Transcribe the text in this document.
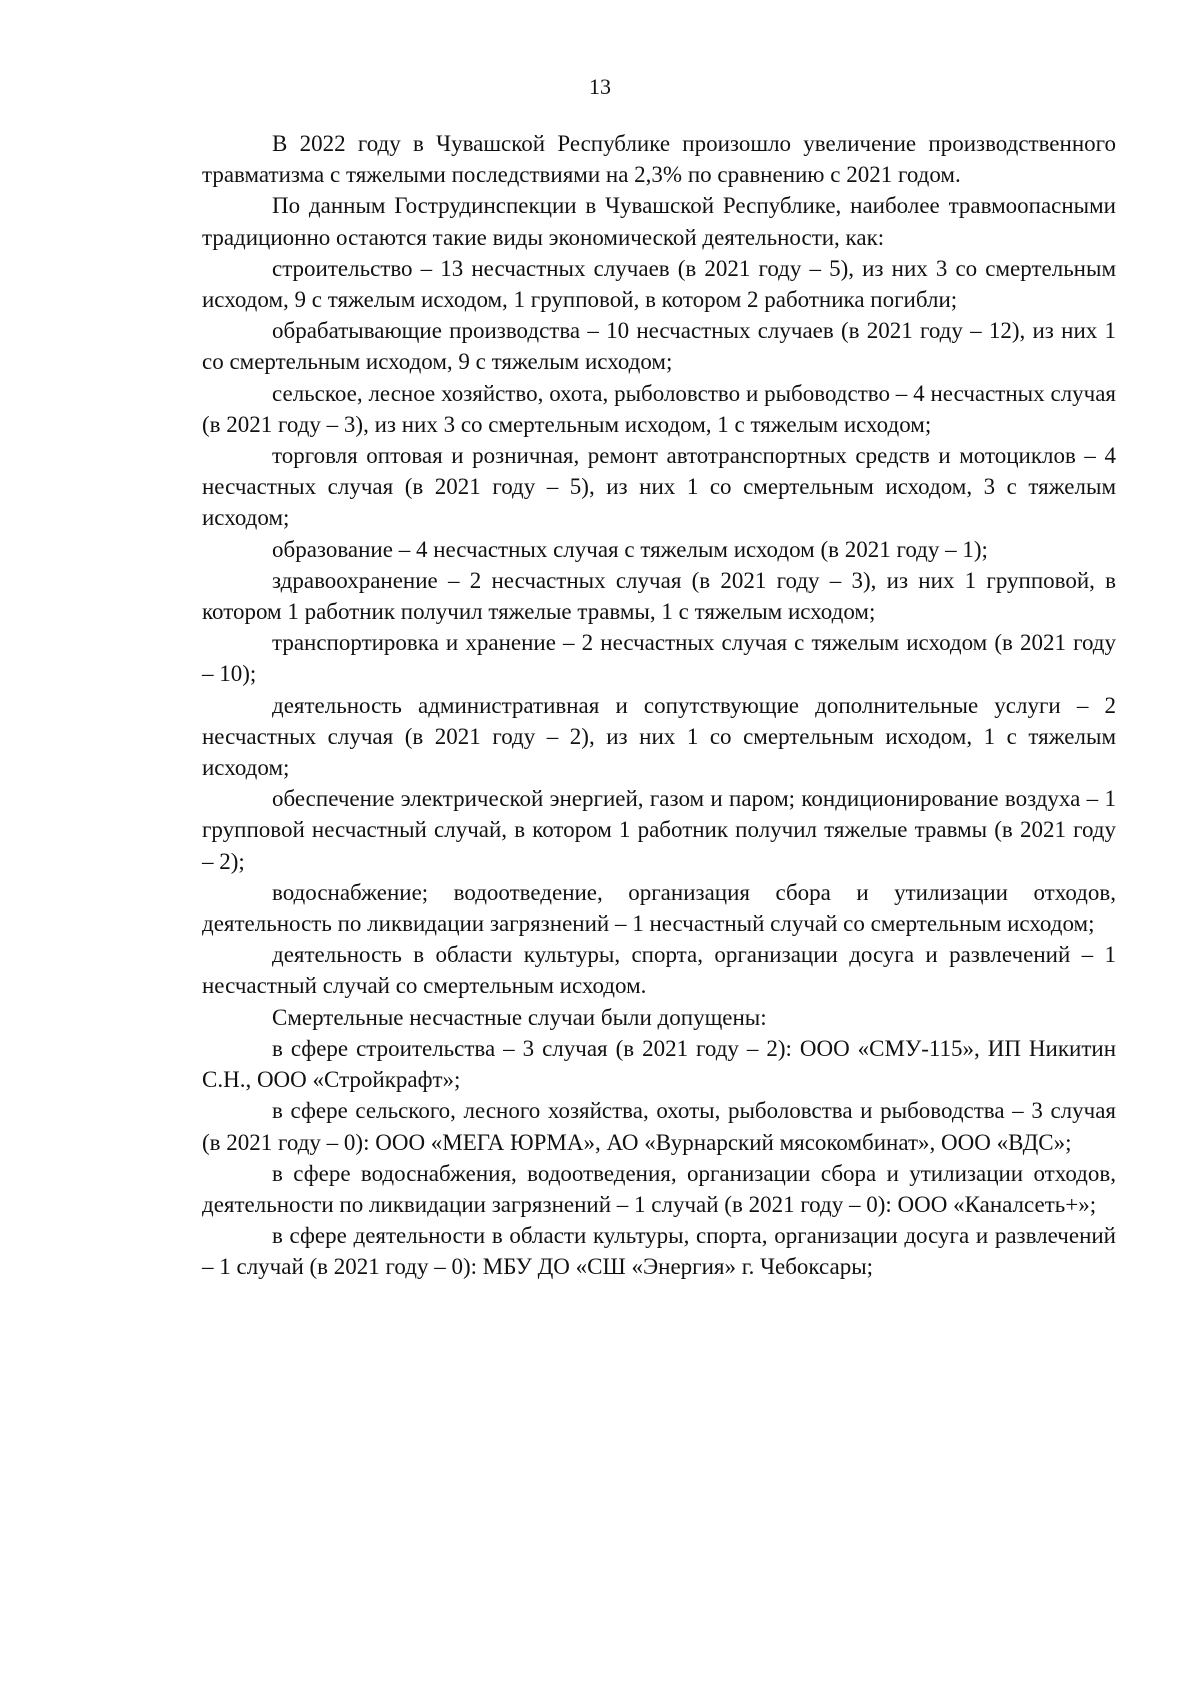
13

В 2022 году в Чувашской Республике произошло увеличение производственного травматизма с тяжелыми последствиями на 2,3% по сравнению с 2021 годом.

По данным Гострудинспекции в Чувашской Республике, наиболее травмоопасными традиционно остаются такие виды экономической деятельности, как:

строительство – 13 несчастных случаев (в 2021 году – 5), из них 3 со смертельным исходом, 9 с тяжелым исходом, 1 групповой, в котором 2 работника погибли;

обрабатывающие производства – 10 несчастных случаев (в 2021 году – 12), из них 1 со смертельным исходом, 9 с тяжелым исходом;

сельское, лесное хозяйство, охота, рыболовство и рыбоводство – 4 несчастных случая (в 2021 году – 3), из них 3 со смертельным исходом, 1 с тяжелым исходом;

торговля оптовая и розничная, ремонт автотранспортных средств и мотоциклов – 4 несчастных случая (в 2021 году – 5), из них 1 со смертельным исходом, 3 с тяжелым исходом;

образование – 4 несчастных случая с тяжелым исходом (в 2021 году – 1);

здравоохранение – 2 несчастных случая (в 2021 году – 3), из них 1 групповой, в котором 1 работник получил тяжелые травмы, 1 с тяжелым исходом;

транспортировка и хранение – 2 несчастных случая с тяжелым исходом (в 2021 году – 10);

деятельность административная и сопутствующие дополнительные услуги – 2 несчастных случая (в 2021 году – 2), из них 1 со смертельным исходом, 1 с тяжелым исходом;

обеспечение электрической энергией, газом и паром; кондиционирование воздуха – 1 групповой несчастный случай, в котором 1 работник получил тяжелые травмы (в 2021 году – 2);

водоснабжение; водоотведение, организация сбора и утилизации отходов, деятельность по ликвидации загрязнений – 1 несчастный случай со смертельным исходом;

деятельность в области культуры, спорта, организации досуга и развлечений – 1 несчастный случай со смертельным исходом.

Смертельные несчастные случаи были допущены:

в сфере строительства – 3 случая (в 2021 году – 2): ООО «СМУ-115», ИП Никитин С.Н., ООО «Стройкрафт»;

в сфере сельского, лесного хозяйства, охоты, рыболовства и рыбоводства – 3 случая (в 2021 году – 0): ООО «МЕГА ЮРМА», АО «Вурнарский мясокомбинат», ООО «ВДС»;

в сфере водоснабжения, водоотведения, организации сбора и утилизации отходов, деятельности по ликвидации загрязнений – 1 случай (в 2021 году – 0): ООО «Каналсеть+»;

в сфере деятельности в области культуры, спорта, организации досуга и развлечений – 1 случай (в 2021 году – 0): МБУ ДО «СШ «Энергия» г. Чебоксары;
